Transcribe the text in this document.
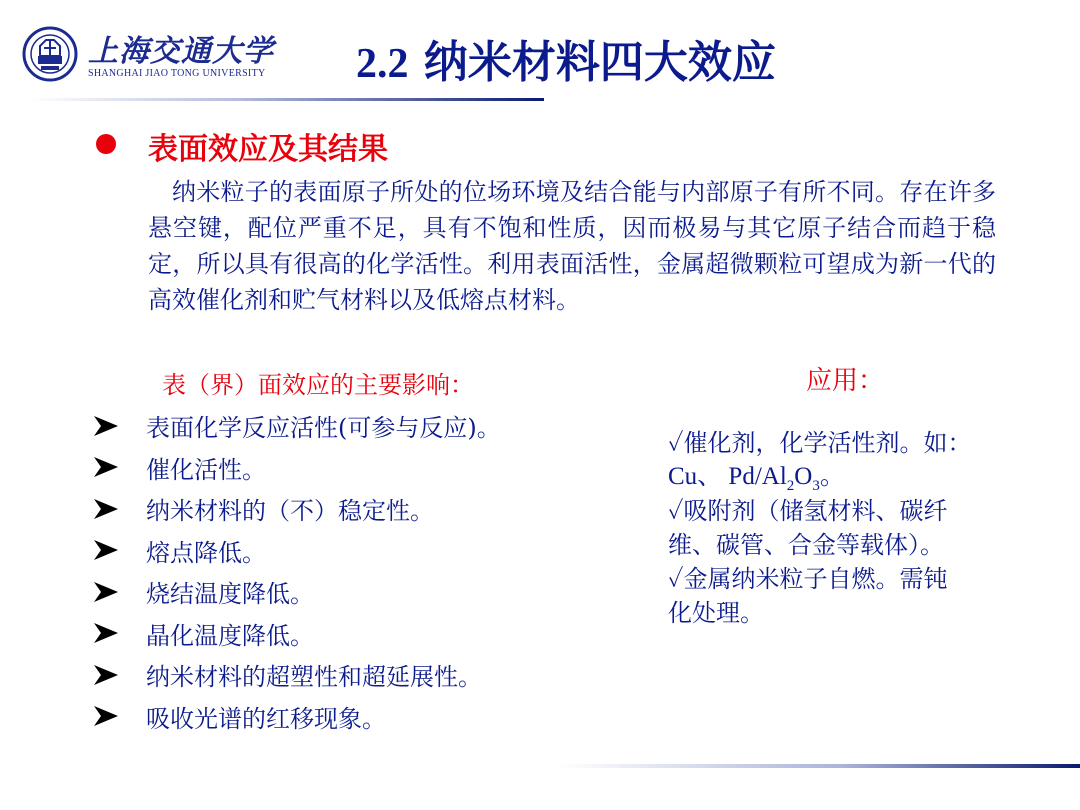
上海交通大学
SHANGHAI JIAO TONG UNIVERSITY 2.2 纳米材料四大效应
表面效应及其结果

纳米粒子的表面原子所处的位场环境及结合能与内部原子有所不同。存在许多悬空键，配位严重不足，具有不饱和性质，因而极易与其它原子结合而趋于稳定，所以具有很高的化学活性。利用表面活性，金属超微颗粒可望成为新一代的高效催化剂和贮气材料以及低熔点材料。

表（界）面效应的主要影响：	应用：
表面化学反应活性(可参与反应)。
催化活性。
纳米材料的（不）稳定性。
熔点降低。
烧结温度降低。
晶化温度降低。
纳米材料的超塑性和超延展性。
吸收光谱的红移现象。
✓催化剂，化学活性剂。如：
Cu、 $Pd/Al_2O_3$。
✓吸附剂（储氢材料、碳纤
维、碳管、合金等载体）。
✓金属纳米粒子自燃。需钝
化处理。
